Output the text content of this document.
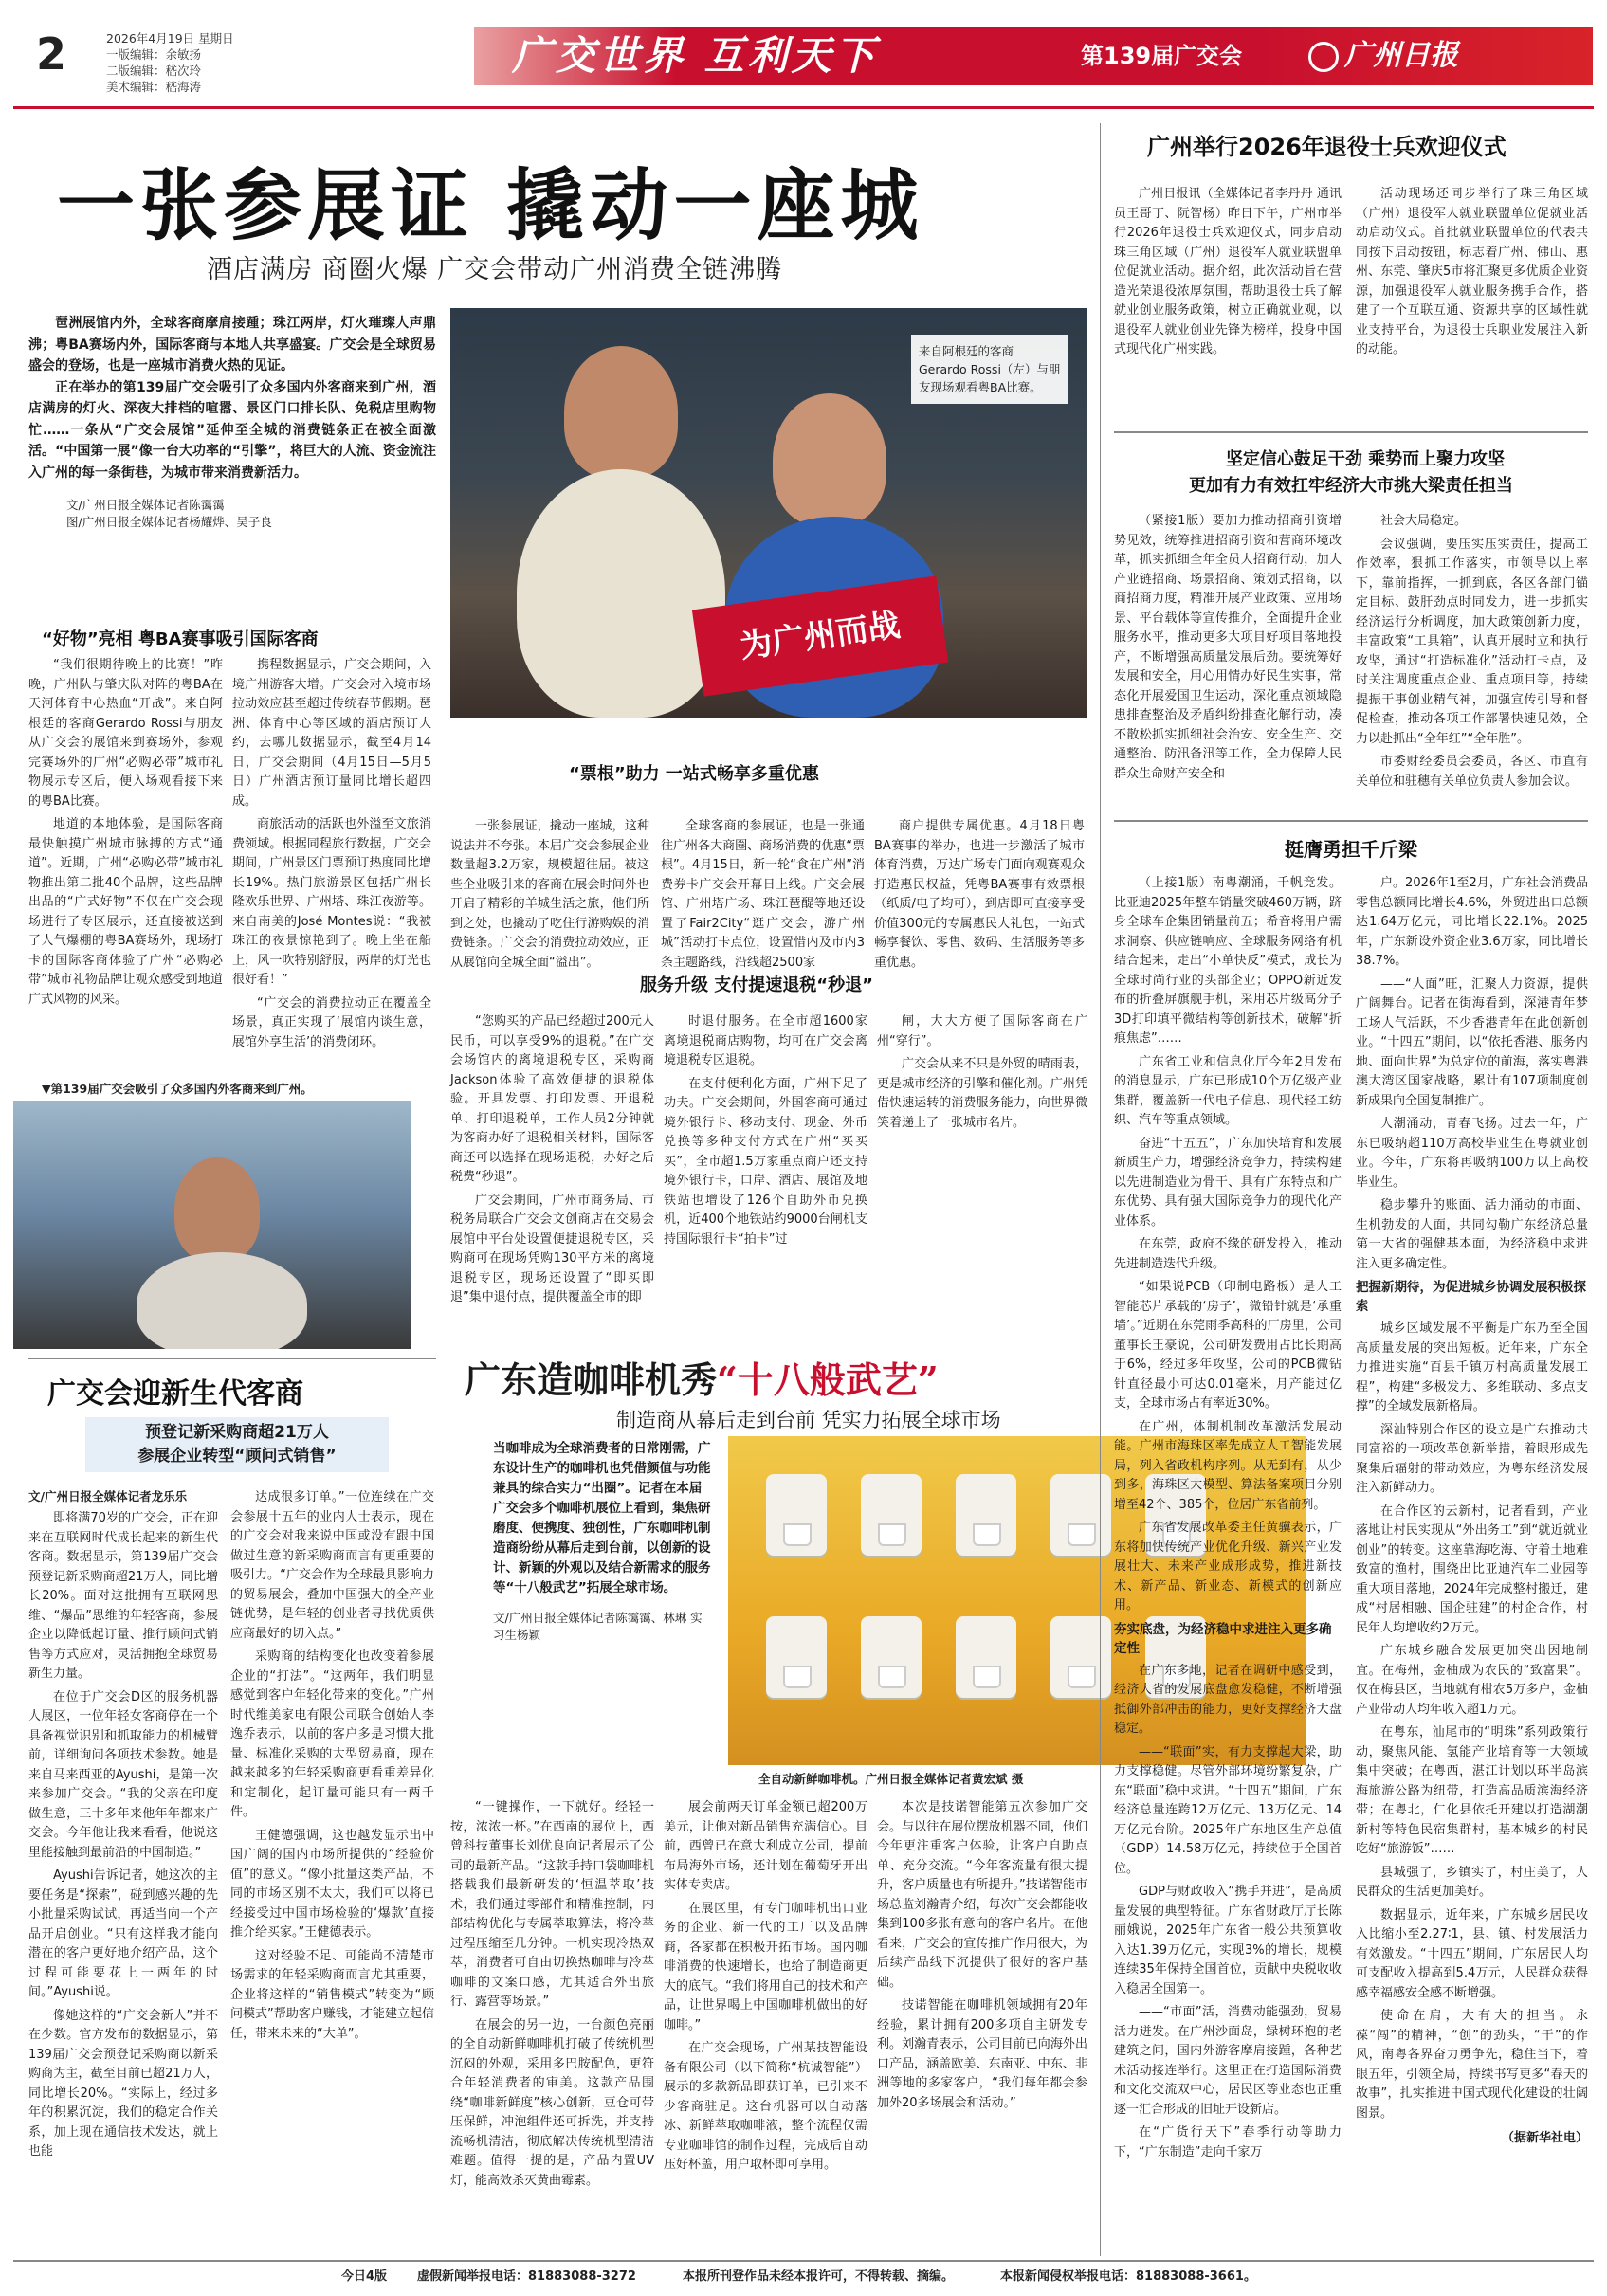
2	2026年4月19日 星期日
一版编辑：余敏扬
二版编辑：嵇次玲
美术编辑：嵇海涛
广交世界 互利天下	第139届广交会	广州日报
一张参展证 撬动一座城
酒店满房 商圈火爆 广交会带动广州消费全链沸腾

琶洲展馆内外，全球客商摩肩接踵；珠江两岸，灯火璀璨人声鼎沸；粤BA赛场内外，国际客商与本地人共享盛宴。广交会是全球贸易盛会的登场，也是一座城市消费火热的见证。

正在举办的第139届广交会吸引了众多国内外客商来到广州，酒店满房的灯火、深夜大排档的喧嚣、景区门口排长队、免税店里购物忙……一条从“广交会展馆”延伸至全城的消费链条正在被全面激活。“中国第一展”像一台大功率的“引擎”，将巨大的人流、资金流注入广州的每一条街巷，为城市带来消费新活力。

文/广州日报全媒体记者陈霭霭
图/广州日报全媒体记者杨耀烨、吴子良
为广州而战
来自阿根廷的客商Gerardo Rossi（左）与朋友现场观看粤BA比赛。
“好物”亮相 粤BA赛事吸引国际客商

“我们很期待晚上的比赛！”昨晚，广州队与肇庆队对阵的粤BA在天河体育中心热血“开战”。来自阿根廷的客商Gerardo Rossi与朋友从广交会的展馆来到赛场外，参观完赛场外的广州“必购必带”城市礼物展示专区后，便入场观看接下来的粤BA比赛。

地道的本地体验，是国际客商最快触摸广州城市脉搏的方式“通道”。近期，广州“必购必带”城市礼物推出第二批40个品牌，这些品牌出品的“广式好物”不仅在广交会现场进行了专区展示，还直接被送到了人气爆棚的粤BA赛场外，现场打卡的国际客商体验了广州“必购必带”城市礼物品牌让观众感受到地道广式风物的风采。

携程数据显示，广交会期间，入境广州游客大增。广交会对入境市场拉动效应甚至超过传统春节假期。琶洲、体育中心等区域的酒店预订大约，去哪儿数据显示，截至4月14日，广交会期间（4月15日—5月5日）广州酒店预订量同比增长超四成。

商旅活动的活跃也外溢至文旅消费领域。根据同程旅行数据，广交会期间，广州景区门票预订热度同比增长19%。热门旅游景区包括广州长隆欢乐世界、广州塔、珠江夜游等。来自南美的José Montes说：“我被珠江的夜景惊艳到了。晚上坐在船上，风一吹特别舒服，两岸的灯光也很好看！”

“广交会的消费拉动正在覆盖全场景，真正实现了‘展馆内谈生意，展馆外享生活’的消费闭环。

▼第139届广交会吸引了众多国内外客商来到广州。
“票根”助力 一站式畅享多重优惠

一张参展证，撬动一座城，这种说法并不夸张。本届广交会参展企业数量超3.2万家，规模超往届。被这些企业吸引来的客商在展会时间外也开启了精彩的羊城生活之旅，他们所到之处，也撬动了吃住行游购娱的消费链条。广交会的消费拉动效应，正从展馆向全城全面“溢出”。

全球客商的参展证，也是一张通往广州各大商圈、商场消费的优惠“票根”。4月15日，新一轮“食在广州”消费券卡广交会开幕日上线。广交会展馆、广州塔广场、珠江琶醍等地还设置了Fair2City“逛广交会，游广州城”活动打卡点位，设置惜内及市内3条主题路线，沿线超2500家

商户提供专属优惠。4月18日粤BA赛事的举办，也进一步激活了城市体育消费，万达广场专门面向观赛观众打造惠民权益，凭粤BA赛事有效票根（纸质/电子均可），到店即可直接享受价值300元的专属惠民大礼包，一站式畅享餐饮、零售、数码、生活服务等多重优惠。

服务升级 支付提速退税“秒退”

“您购买的产品已经超过200元人民币，可以享受9%的退税。”在广交会场馆内的离境退税专区，采购商Jackson体验了高效便捷的退税体验。开具发票、打印发票、开退税单、打印退税单，工作人员2分钟就为客商办好了退税相关材料，国际客商还可以选择在现场退税，办好之后税费“秒退”。

广交会期间，广州市商务局、市税务局联合广交会文创商店在交易会展馆中平台处设置便捷退税专区，采购商可在现场凭购130平方米的离境退税专区，现场还设置了“即买即退”集中退付点，提供覆盖全市的即

时退付服务。在全市超1600家离境退税商店购物，均可在广交会离境退税专区退税。

在支付便利化方面，广州下足了功夫。广交会期间，外国客商可通过境外银行卡、移动支付、现金、外币兑换等多种支付方式在广州“买买买”，全市超1.5万家重点商户还支持境外银行卡，口岸、酒店、展馆及地铁站也增设了126个自助外币兑换机，近400个地铁站约9000台闸机支持国际银行卡“拍卡”过

闸，大大方便了国际客商在广州“穿行”。

广交会从来不只是外贸的晴雨表，更是城市经济的引擎和催化剂。广州凭借快速运转的消费服务能力，向世界微笑着递上了一张城市名片。

广交会迎新生代客商
预登记新采购商超21万人
参展企业转型“顾问式销售”
文/广州日报全媒体记者龙乐乐

即将满70岁的广交会，正在迎来在互联网时代成长起来的新生代客商。数据显示，第139届广交会预登记新采购商超21万人，同比增长20%。面对这批拥有互联网思维、“爆品”思维的年轻客商，参展企业以降低起订量、推行顾问式销售等方式应对，灵活拥抱全球贸易新生力量。

在位于广交会D区的服务机器人展区，一位年轻女客商停在一个具备视觉识别和抓取能力的机械臂前，详细询问各项技术参数。她是来自马来西亚的Ayushi，是第一次来参加广交会。“我的父亲在印度做生意，三十多年来他年年都来广交会。今年他让我来看看，他说这里能接触到最前沿的中国制造。”

Ayushi告诉记者，她这次的主要任务是“探索”，碰到感兴趣的先小批量采购试试，再适当向一个产品开启创业。“只有这样我才能向潜在的客户更好地介绍产品，这个过程可能要花上一两年的时间。”Ayushi说。

像她这样的“广交会新人”并不在少数。官方发布的数据显示，第139届广交会预登记采购商以新采购商为主，截至目前已超21万人，同比增长20%。“实际上，经过多年的积累沉淀，我们的稳定合作关系，加上现在通信技术发达，就上也能

达成很多订单。”一位连续在广交会参展十五年的业内人士表示，现在的广交会对我来说中国或没有跟中国做过生意的新采购商而言有更重要的吸引力。“广交会作为全球最具影响力的贸易展会，叠加中国强大的全产业链优势，是年轻的创业者寻找优质供应商最好的切入点。”

采购商的结构变化也改变着参展企业的“打法”。“这两年，我们明显感觉到客户年轻化带来的变化。”广州时代维美家电有限公司联合创始人李逸乔表示，以前的客户多是习惯大批量、标准化采购的大型贸易商，现在越来越多的年轻采购商更看重差异化和定制化，起订量可能只有一两千件。

王健德强调，这也越发显示出中国广阔的国内市场所提供的“经验价值”的意义。“像小批量这类产品，不同的市场区别不太大，我们可以将已经接受过中国市场检验的‘爆款’直接推介给买家。”王健德表示。

这对经验不足、可能尚不清楚市场需求的年轻采购商而言尤其重要，企业将这样的“销售模式”转变为“顾问模式”帮助客户赚钱，才能建立起信任，带来未来的“大单”。

广东造咖啡机秀“十八般武艺”
制造商从幕后走到台前 凭实力拓展全球市场
当咖啡成为全球消费者的日常刚需，广东设计生产的咖啡机也凭借颜值与功能兼具的综合实力“出圈”。记者在本届广交会多个咖啡机展位上看到，集焦研磨度、便携度、独创性，广东咖啡机制造商纷纷从幕后走到台前，以创新的设计、新颖的外观以及结合新需求的服务等“十八般武艺”拓展全球市场。
文/广州日报全媒体记者陈霭霭、林琳 实习生杨颖
全自动新鲜咖啡机。广州日报全媒体记者黄宏斌 摄

“一键操作，一下就好。经轻一按，浓浓一杯。”在西南的展位上，西曾科技董事长刘优良向记者展示了公司的最新产品。“这款手持口袋咖啡机搭载我们最新研发的‘恒温萃取’技术，我们通过零部件和精准控制，内部结构优化与专属萃取算法，将冷萃过程压缩至几分钟。一机实现冷热双萃，消费者可自由切换热咖啡与冷萃咖啡的文案口感，尤其适合外出旅行、露营等场景。”

在展会的另一边，一台颜色亮丽的全自动新鲜咖啡机打破了传统机型沉闷的外观，采用多巴胺配色，更符合年轻消费者的审美。这款产品围绕“咖啡新鲜度”核心创新，豆仓可带压保鲜，冲泡组件还可拆洗，并支持流畅机清洁，彻底解决传统机型清洁难题。值得一提的是，产品内置UV灯，能高效杀灭黄曲霉素。

展会前两天订单金额已超200万美元，让他对新品销售充满信心。目前，西曾已在意大利成立公司，提前布局海外市场，还计划在葡萄牙开出实体专卖店。

在展区里，有专门咖啡机出口业务的企业、新一代的工厂以及品牌商，各家都在积极开拓市场。国内咖啡消费的快速增长，也给了制造商更大的底气。“我们将用自己的技术和产品，让世界喝上中国咖啡机做出的好咖啡。”

在广交会现场，广州某技智能设备有限公司（以下简称“杭诚智能”）展示的多款新品即获订单，已引来不少客商驻足。这台机器可以自动落冰、新鲜萃取咖啡液，整个流程仅需专业咖啡馆的制作过程，完成后自动压好杯盖，用户取杯即可享用。

本次是技诺智能第五次参加广交会。与以往在展位摆放机器不同，他们今年更注重客户体验，让客户自助点单、充分交流。“今年客流量有很大提升，客户质量也有所提升。”技诺智能市场总监刘瀚青介绍，每次广交会都能收集到100多张有意向的客户名片。在他看来，广交会的宣传推广作用很大，为后续产品线下沉提供了很好的客户基础。

技诺智能在咖啡机领域拥有20年经验，累计拥有200多项自主研发专利。刘瀚青表示，公司目前已向海外出口产品，涵盖欧美、东南亚、中东、非洲等地的多家客户，“我们每年都会参加外20多场展会和活动。”

广州举行2026年退役士兵欢迎仪式

广州日报讯（全媒体记者李丹丹 通讯员王哥丁、阮智杨）昨日下午，广州市举行2026年退役士兵欢迎仪式，同步启动珠三角区域（广州）退役军人就业联盟单位促就业活动。据介绍，此次活动旨在营造光荣退役浓厚氛围，帮助退役士兵了解就业创业服务政策，树立正确就业观，以退役军人就业创业先锋为榜样，投身中国式现代化广州实践。

活动现场还同步举行了珠三角区域（广州）退役军人就业联盟单位促就业活动启动仪式。首批就业联盟单位的代表共同按下启动按钮，标志着广州、佛山、惠州、东莞、肇庆5市将汇聚更多优质企业资源，加强退役军人就业服务携手合作，搭建了一个互联互通、资源共享的区域性就业支持平台，为退役士兵职业发展注入新的动能。

坚定信心鼓足干劲 乘势而上聚力攻坚
更加有力有效扛牢经济大市挑大梁责任担当

（紧接1版）要加力推动招商引资增势见效，统筹推进招商引资和营商环境改革，抓实抓细全年全员大招商行动，加大产业链招商、场景招商、策划式招商，以商招商力度，精准开展产业政策、应用场景、平台载体等宣传推介，全面提升企业服务水平，推动更多大项目好项目落地投产，不断增强高质量发展后劲。要统筹好发展和安全，用心用情办好民生实事，常态化开展爱国卫生运动，深化重点领域隐患排查整治及矛盾纠纷排查化解行动，凑不散松抓实抓细社会治安、安全生产、交通整治、防汛备汛等工作，全力保障人民群众生命财产安全和

社会大局稳定。

会议强调，要压实压实责任，提高工作效率，狠抓工作落实，市领导以上率下，靠前指挥，一抓到底，各区各部门锚定目标、鼓肝劲点时同发力，进一步抓实经济运行分析调度，加大政策创新力度，丰富政策“工具箱”，认真开展时立和执行攻坚，通过“打造标准化”活动打卡点，及时关注调度重点企业、重点项目等，持续提振干事创业精气神，加强宣传引导和督促检查，推动各项工作部署快速见效，全力以赴抓出“全年红”“全年胜”。

市委财经委员会委员，各区、市直有关单位和驻穗有关单位负责人参加会议。

挺膺勇担千斤梁

（上接1版）南粤潮涌，千帆竞发。比亚迪2025年整车销量突破460万辆，跻身全球车企集团销量前五；希音将用户需求洞察、供应链响应、全球服务网络有机结合起来，走出“小单快反”模式，成长为全球时尚行业的头部企业；OPPO新近发布的折叠屏旗舰手机，采用芯片级高分子3D打印填平微结构等创新技术，破解“折痕焦虑”……

广东省工业和信息化厅今年2月发布的消息显示，广东已形成10个万亿级产业集群，覆盖新一代电子信息、现代轻工纺织、汽车等重点领域。

奋进“十五五”，广东加快培育和发展新质生产力，增强经济竞争力，持续构建以先进制造业为骨干、具有广东特点和广东优势、具有强大国际竞争力的现代化产业体系。

在东莞，政府不缘的研发投入，推动先进制造迭代升级。

“如果说PCB（印制电路板）是人工智能芯片承载的‘房子’，微铅针就是‘承重墙’。”近期在东莞雨季高科的厂房里，公司董事长王豪说，公司研发费用占比长期高于6%，经过多年攻坚，公司的PCB微钻针直径最小可达0.01毫米，月产能过亿支，全球市场占有率近30%。

在广州，体制机制改革激活发展动能。广州市海珠区率先成立人工智能发展局，列入省政机构序列。从无到有，从少到多，海珠区大模型、算法备案项目分别增至42个、385个，位居广东省前列。

广东省发展改革委主任黄骥表示，广东将加快传统产业优化升级、新兴产业发展壮大、未来产业成形成势，推进新技术、新产品、新业态、新模式的创新应用。

夯实底盘，为经济稳中求进注入更多确定性

在广东多地，记者在调研中感受到，经济大省的发展底盘愈发稳健，不断增强抵御外部冲击的能力，更好支撑经济大盘稳定。

——“联面”实，有力支撑起大梁，助力支撑稳健。尽管外部环境纷繁复杂，广东“联面”稳中求进。“十四五”期间，广东经济总量连跨12万亿元、13万亿元、14万亿元台阶。2025年广东地区生产总值（GDP）14.58万亿元，持续位于全国首位。

GDP与财政收入“携手并进”，是高质量发展的典型特征。广东省财政厅厅长陈丽娥说，2025年广东省一般公共预算收入达1.39万亿元，实现3%的增长，规模连续35年保持全国首位，贡献中央税收收入稳居全国第一。

——“市面”活，消费动能强劲，贸易活力迸发。在广州沙面岛，绿树环抱的老建筑之间，国内外游客摩肩接踵，各种艺术活动接连举行。这里正在打造国际消费和文化交流双中心，居民区等业态也正重逐一汇合形成的旧址开设新店。

在“广货行天下”春季行动等助力下，“广东制造”走向千家万

户。2026年1至2月，广东社会消费品零售总额同比增长4.6%，外贸进出口总额达1.64万亿元，同比增长22.1%。2025年，广东新设外资企业3.6万家，同比增长38.7%。

——“人面”旺，汇聚人力资源，提供广阔舞台。记者在街海看到，深港青年梦工场人气活跃，不少香港青年在此创新创业。“十四五”期间，以“依托香港、服务内地、面向世界”为总定位的前海，落实粤港澳大湾区国家战略，累计有107项制度创新成果向全国复制推广。

人潮涌动，青春飞扬。过去一年，广东已吸纳超110万高校毕业生在粤就业创业。今年，广东将再吸纳100万以上高校毕业生。

稳步攀升的账面、活力涌动的市面、生机勃发的人面，共同勾勒广东经济总量第一大省的强健基本面，为经济稳中求进注入更多确定性。

把握新期待，为促进城乡协调发展积极探索

城乡区域发展不平衡是广东乃至全国高质量发展的突出短板。近年来，广东全力推进实施“百县千镇万村高质量发展工程”，构建“多极发力、多维联动、多点支撑”的全域发展新格局。

深汕特别合作区的设立是广东推动共同富裕的一项改革创新举措，着眼形成先聚集后辐射的带动效应，为粤东经济发展注入新鲜动力。

在合作区的云新村，记者看到，产业落地让村民实现从“外出务工”到“就近就业创业”的转变。这座靠海吃海、守着土地难致富的渔村，围绕出比亚迪汽车工业园等重大项目落地，2024年完成整村搬迁，建成“村居相融、国企驻建”的村企合作，村民年人均增收约2万元。

广东城乡融合发展更加突出因地制宜。在梅州，金柚成为农民的“致富果”。仅在梅县区，当地就有柑农5万多户，金柚产业带动人均年收入超1万元。

在粤东，汕尾市的“明珠”系列政策行动，聚焦风能、氢能产业培育等十大领域集中突破；在粤西，湛江计划以环半岛滨海旅游公路为纽带，打造高品质滨海经济带；在粤北，仁化县依托开建以打造湖潮新村等特色民宿集群村，基本城乡的村民吃好“旅游饭”……

县城强了，乡镇实了，村庄美了，人民群众的生活更加美好。

数据显示，近年来，广东城乡居民收入比缩小至2.27∶1，县、镇、村发展活力有效激发。“十四五”期间，广东居民人均可支配收入提高到5.4万元，人民群众获得感幸福感安全感不断增强。

使命在肩，大有大的担当。永葆“闯”的精神，“创”的劲头，“干”的作风，南粤各界奋力勇争先，稳住当下，着眼五年，引领全局，持续书写更多“春天的故事”，扎实推进中国式现代化建设的壮阔图景。

（据新华社电）
今日4版 虚假新闻举报电话：81883088-3272	本报所刊登作品未经本报许可，不得转载、摘编。	本报新闻侵权举报电话：81883088-3661。
